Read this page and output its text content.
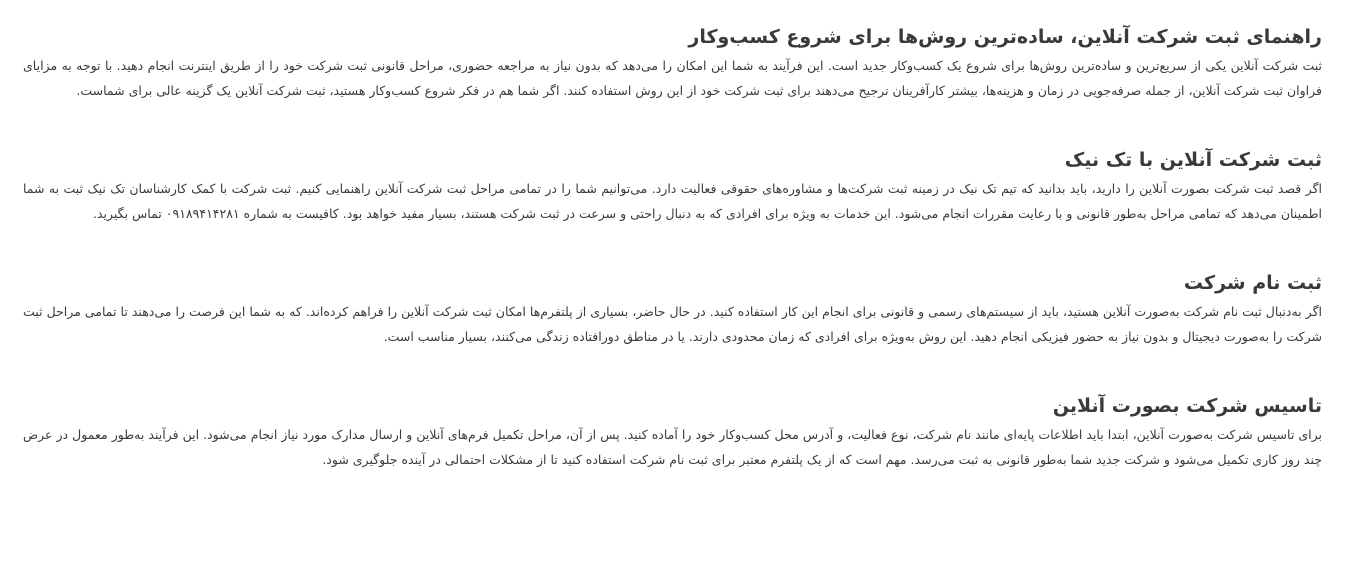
راهنمای ثبت شرکت آنلاین، ساده‌ترین روش‌ها برای شروع کسب‌وکار

ثبت شرکت آنلاین یکی از سریع‌ترین و ساده‌ترین روش‌ها برای شروع یک کسب‌وکار جدید است. این فرآیند به شما این امکان را می‌دهد که بدون نیاز به مراجعه حضوری، مراحل قانونی ثبت شرکت خود را از طریق اینترنت انجام دهید. با توجه به مزایای فراوان ثبت شرکت آنلاین، از جمله صرفه‌جویی در زمان و هزینه‌ها، بیشتر کارآفرینان ترجیح می‌دهند برای ثبت شرکت خود از این روش استفاده کنند. اگر شما هم در فکر شروع کسب‌وکار هستید، ثبت شرکت آنلاین یک گزینه عالی برای شماست.

ثبت شرکت آنلاین با تک نیک

اگر قصد ثبت شرکت بصورت آنلاین را دارید، باید بدانید که تیم تک نیک در زمینه ثبت شرکت‌ها و مشاوره‌های حقوقی فعالیت دارد. می‌توانیم شما را در تمامی مراحل ثبت شرکت آنلاین راهنمایی کنیم. ثبت شرکت با کمک کارشناسان تک نیک ثبت به شما اطمینان می‌دهد که تمامی مراحل به‌طور قانونی و با رعایت مقررات انجام می‌شود. این خدمات به ویژه برای افرادی که به دنبال راحتی و سرعت در ثبت شرکت هستند، بسیار مفید خواهد بود. کافیست به شماره ۰۹۱۸۹۴۱۴۲۸۱ تماس بگیرید.

ثبت نام شرکت

اگر به‌دنبال ثبت نام شرکت به‌صورت آنلاین هستید، باید از سیستم‌های رسمی و قانونی برای انجام این کار استفاده کنید. در حال حاضر، بسیاری از پلتفرم‌ها امکان ثبت شرکت آنلاین را فراهم کرده‌اند. که به شما این فرصت را می‌دهند تا تمامی مراحل ثبت شرکت را به‌صورت دیجیتال و بدون نیاز به حضور فیزیکی انجام دهید. این روش به‌ویژه برای افرادی که زمان محدودی دارند. یا در مناطق دورافتاده زندگی می‌کنند، بسیار مناسب است.

تاسیس شرکت بصورت آنلاین

برای تاسیس شرکت به‌صورت آنلاین، ابتدا باید اطلاعات پایه‌ای مانند نام شرکت، نوع فعالیت، و آدرس محل کسب‌وکار خود را آماده کنید. پس از آن، مراحل تکمیل فرم‌های آنلاین و ارسال مدارک مورد نیاز انجام می‌شود. این فرآیند به‌طور معمول در عرض چند روز کاری تکمیل می‌شود و شرکت جدید شما به‌طور قانونی به ثبت می‌رسد. مهم است که از یک پلتفرم معتبر برای ثبت نام شرکت استفاده کنید تا از مشکلات احتمالی در آینده جلوگیری شود.
